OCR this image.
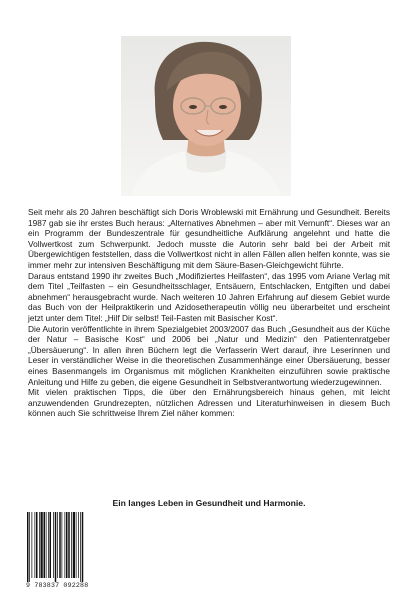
Seit mehr als 20 Jahren beschäftigt sich Doris Wroblewski mit Ernährung und Gesundheit. Bereits 1987 gab sie ihr erstes Buch heraus: „Alternatives Abnehmen – aber mit Vernunft“. Dieses war an ein Programm der Bundeszentrale für gesundheitliche Aufklärung angelehnt und hatte die Vollwertkost zum Schwerpunkt. Jedoch musste die Autorin sehr bald bei der Arbeit mit Übergewichtigen feststellen, dass die Vollwertkost nicht in allen Fällen allen helfen konnte, was sie immer mehr zur intensiven Beschäftigung mit dem Säure-Basen-Gleichgewicht führte.

Daraus entstand 1990 ihr zweites Buch „Modifiziertes Heilfasten“, das 1995 vom Ariane Verlag mit dem Titel „Teilfasten – ein Gesundheitsschlager, Entsäuern, Entschlacken, Entgiften und dabei abnehmen“ herausgebracht wurde. Nach weiteren 10 Jahren Erfahrung auf diesem Gebiet wurde das Buch von der Heilpraktikerin und Azidosetherapeutin völlig neu überarbeitet und erscheint jetzt unter dem Titel: „Hilf Dir selbst! Teil-Fasten mit Basischer Kost“.

Die Autorin veröffentlichte in ihrem Spezialgebiet 2003/2007 das Buch „Gesundheit aus der Küche der Natur – Basische Kost“ und 2006 bei „Natur und Medizin“ den Patientenratgeber „Übersäuerung“. In allen ihren Büchern legt die Verfasserin Wert darauf, ihre Leserinnen und Leser in verständlicher Weise in die theoretischen Zusammenhänge einer Übersäuerung, besser eines Basenmangels im Organismus mit möglichen Krankheiten einzuführen sowie praktische Anleitung und Hilfe zu geben, die eigene Gesundheit in Selbstverantwortung wiederzugewinnen.

Mit vielen praktischen Tipps, die über den Ernährungsbereich hinaus gehen, mit leicht anzuwendenden Grundrezepten, nützlichen Adressen und Literaturhinweisen in diesem Buch können auch Sie schrittweise Ihrem Ziel näher kommen:

Ein langes Leben in Gesundheit und Harmonie.
9 783837 092288
